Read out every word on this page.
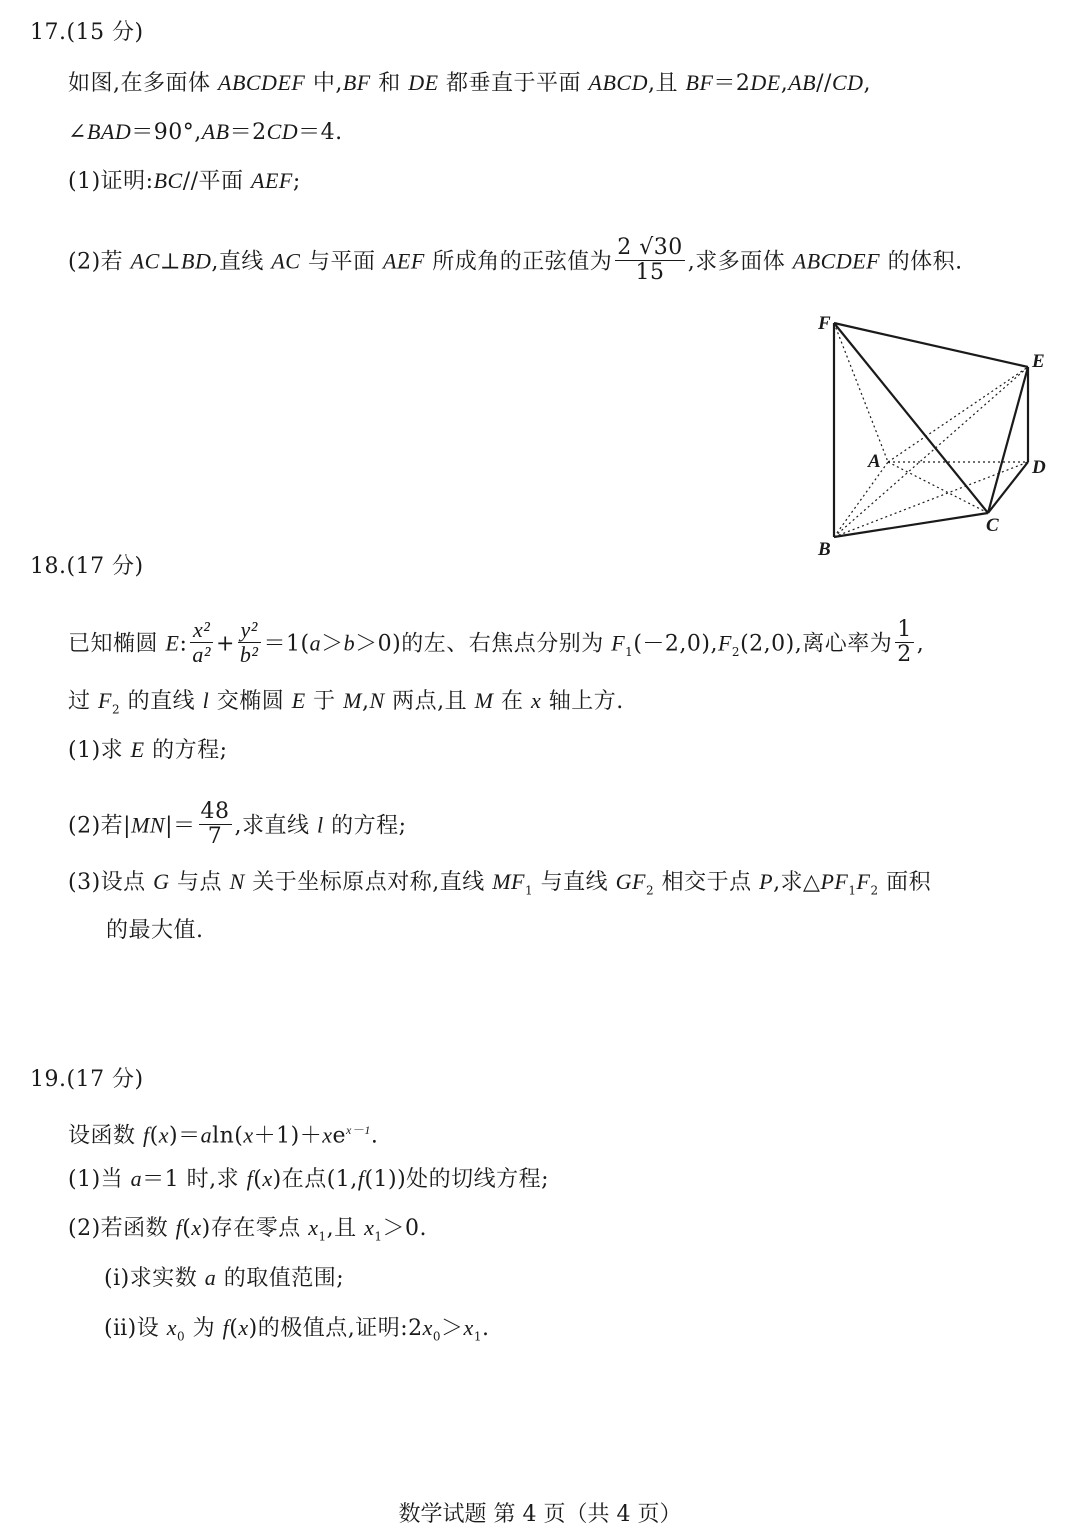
17.(15 分)
如图,在多面体 ABCDEF 中,BF 和 DE 都垂直于平面 ABCD,且 BF＝2DE,AB//CD,
∠BAD＝90°,AB＝2CD＝4.
(1)证明:BC//平面 AEF;
(2)若 AC⊥BD,直线 AC 与平面 AEF 所成角的正弦值为 $\frac{2 √30}{15}$ ,求多面体 ABCDEF 的体积.
F
E
A	D
C
B
18.(17 分)
已知椭圆 E: $\frac{\text{x²}}{\text{a²}} + \frac{\text{y²}}{\text{b²}} =1(a>b>0)$的左、右焦点分别为 $F_1(-2,0),F_2(2,0)$,离心率为 $\frac{1}{2}$ ,
过 $F_2$ 的直线 l 交椭圆 E 于 M,N 两点,且 M 在 x 轴上方.
(1)求 E 的方程;
(2)若$|MN|= \frac{48}{7}$ ,求直线 l 的方程;
(3)设点 G 与点 N 关于坐标原点对称,直线 $MF_1$ 与直线 $GF_2$ 相交于点 P,求$\triangle PF_1F_2$ 面积
的最大值.
19.(17 分)
设函数 $f(x)=aln(x+1)+xe^{x-1}$.
(1)当 a＝1 时,求 f(x)在点(1,f(1))处的切线方程;
(2)若函数 f(x)存在零点 $x_1$,且 $x_1>0$.
(ⅰ)求实数 a 的取值范围;
(ⅱ)设 $x_0$ 为 f(x)的极值点,证明$:2x_0>x_1$.
数学试题 第 4 页（共 4 页）
